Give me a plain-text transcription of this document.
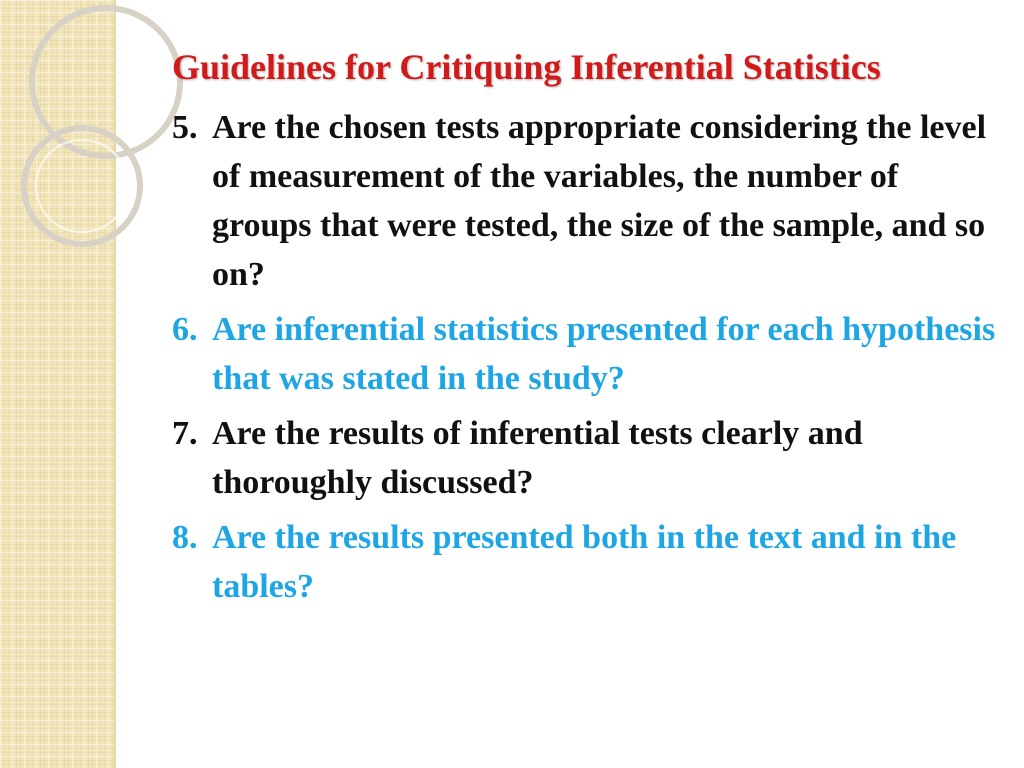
Guidelines for Critiquing Inferential Statistics
5. Are the chosen tests appropriate considering the level of measurement of the variables, the number of groups that were tested, the size of the sample, and so on?
6. Are inferential statistics presented for each hypothesis that was stated in the study?
7. Are the results of inferential tests clearly and thoroughly discussed?
8. Are the results presented both in the text and in the tables?
